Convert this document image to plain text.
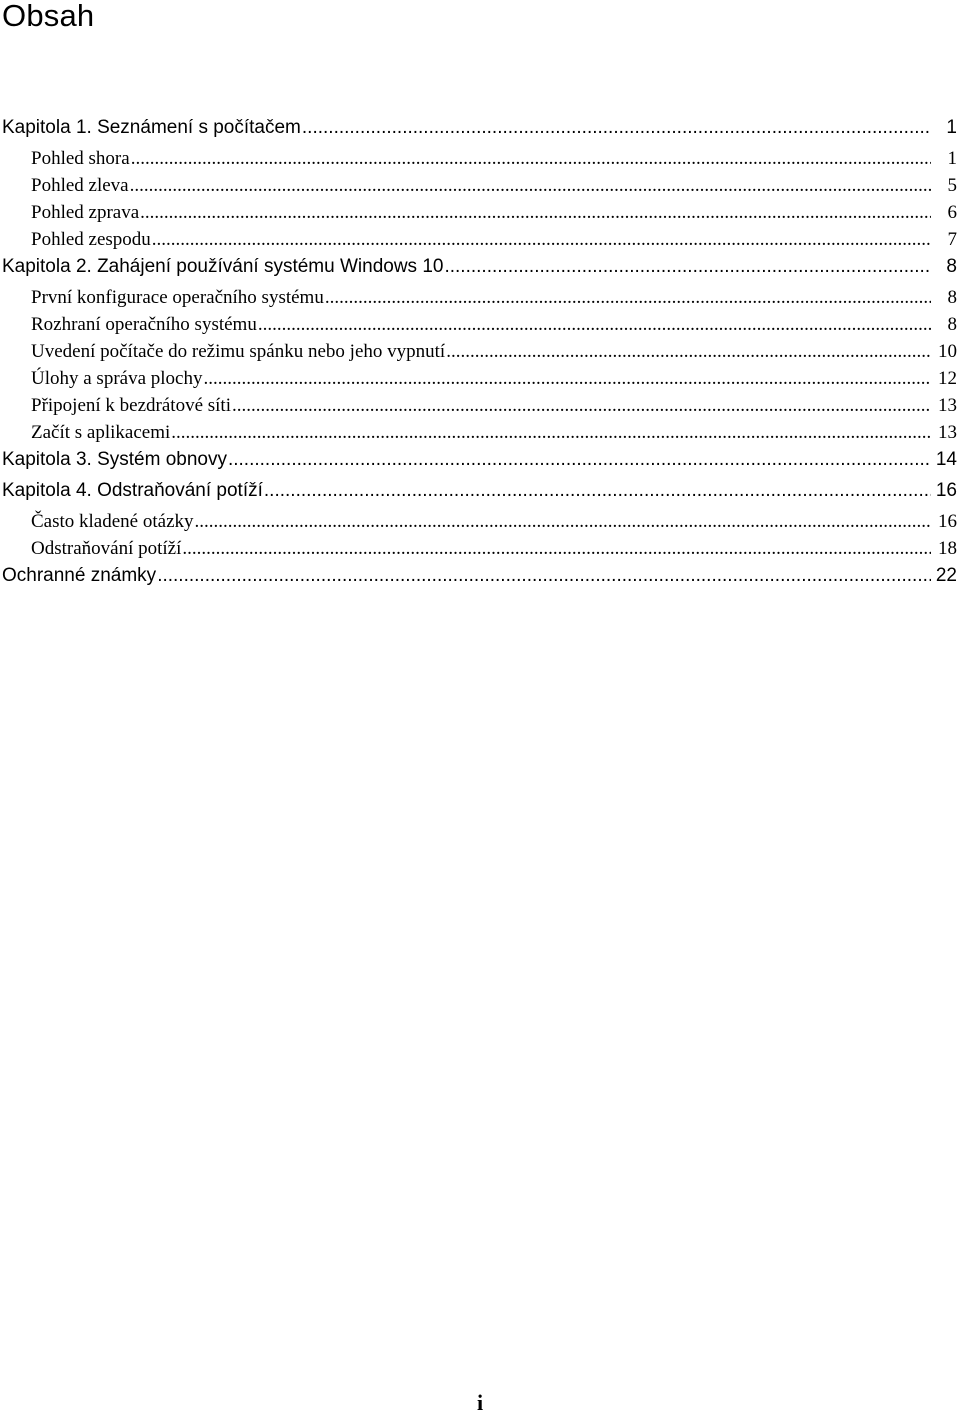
Obsah
Kapitola 1. Seznámení s počítačem .....	1
Pohled shora .....	1
Pohled zleva .....	5
Pohled zprava .....	6
Pohled zespodu .....	7
Kapitola 2. Zahájení používání systému Windows 10 .....	8
První konfigurace operačního systému .....	8
Rozhraní operačního systému .....	8
Uvedení počítače do režimu spánku nebo jeho vypnutí .....	10
Úlohy a správa plochy .....	12
Připojení k bezdrátové síti .....	13
Začít s aplikacemi .....	13
Kapitola 3. Systém obnovy .....	14
Kapitola 4. Odstraňování potíží .....	16
Často kladené otázky .....	16
Odstraňování potíží .....	18
Ochranné známky .....	22
i
